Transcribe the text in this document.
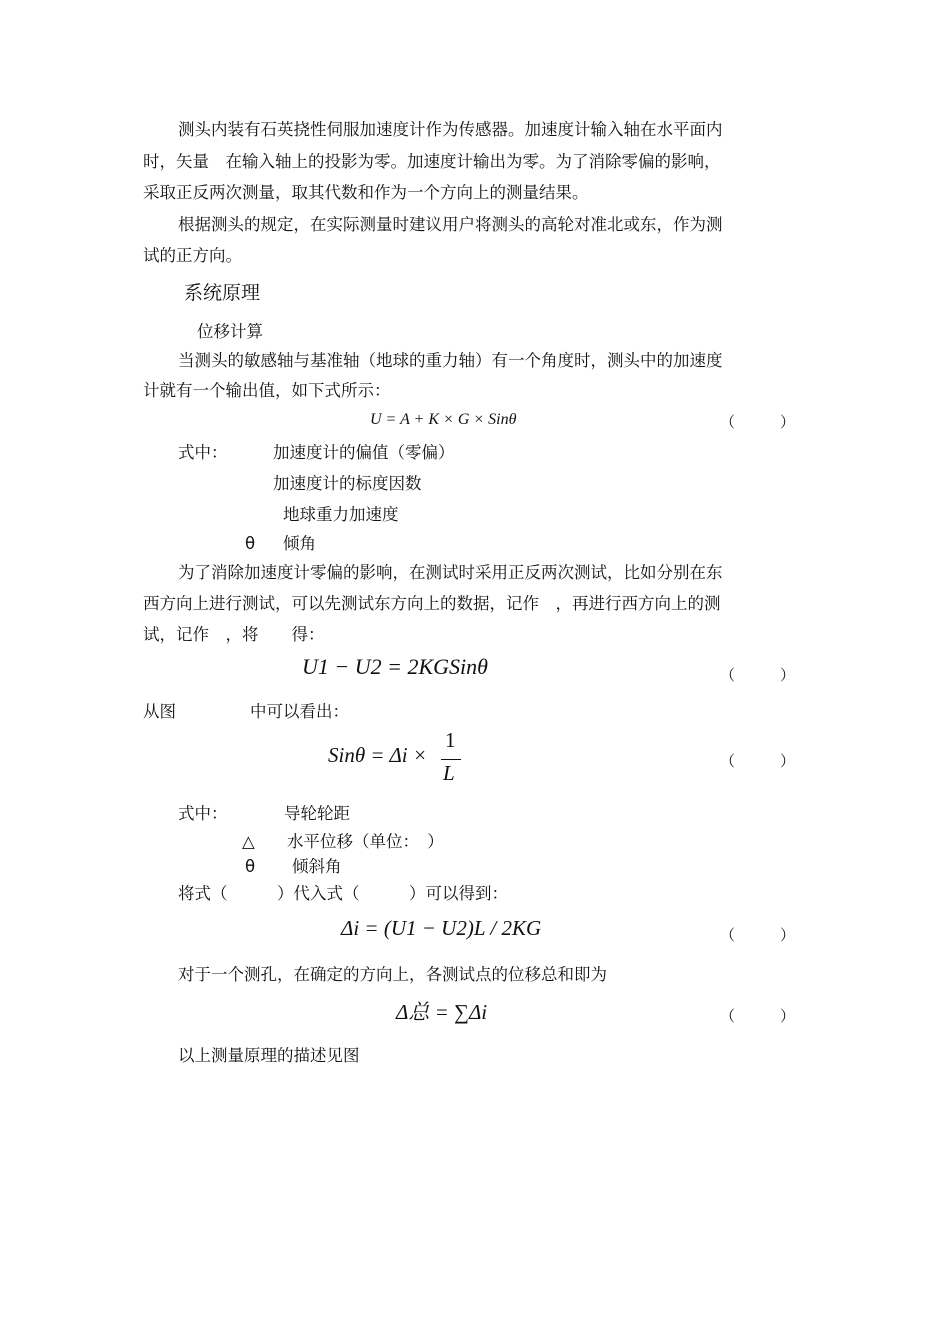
测头内装有石英挠性伺服加速度计作为传感器。加速度计输入轴在水平面内
时，矢量　在输入轴上的投影为零。加速度计输出为零。为了消除零偏的影响，
采取正反两次测量，取其代数和作为一个方向上的测量结果。
根据测头的规定，在实际测量时建议用户将测头的高轮对准北或东，作为测
试的正方向。
系统原理
位移计算
当测头的敏感轴与基准轴（地球的重力轴）有一个角度时，测头中的加速度
计就有一个输出值，如下式所示：
U = A + K × G × Sinθ	（　　　）
式中：	加速度计的偏值（零偏）
加速度计的标度因数
地球重力加速度
θ 倾角
为了消除加速度计零偏的影响，在测试时采用正反两次测试，比如分别在东
西方向上进行测试，可以先测试东方向上的数据，记作　，再进行西方向上的测
试，记作　，将　　得：
U1 − U2 = 2KGSinθ	（　　　）
从图	中可以看出：
Sinθ = Δi ×
1
L	（　　　）
式中：	导轮轮距
△ 水平位移（单位：　）
θ 倾斜角
将式（　　　）代入式（　　　）可以得到：
Δi = (U1 − U2)L / 2KG	（　　　）
对于一个测孔，在确定的方向上，各测试点的位移总和即为
Δ总 = ∑Δi	（　　　）
以上测量原理的描述见图
